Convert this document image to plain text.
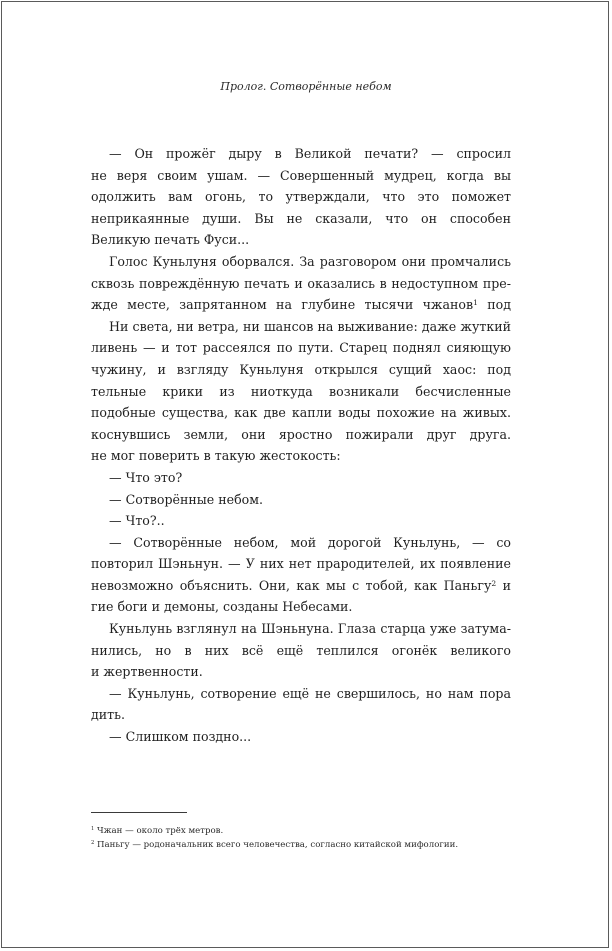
Пролог. Сотворённые небом
— Он прожёг дыру в Великой печати? — спросил
не веря своим ушам. — Совершенный мудрец, когда вы
одолжить вам огонь, то утверждали, что это поможет
неприкаянные души. Вы не сказали, что он способен
Великую печать Фуси...
Голос Куньлуня оборвался. За разговором они промчались
сквозь повреждённую печать и оказались в недоступном пре-
жде месте, запрятанном на глубине тысячи чжанов$^1$ под
Ни света, ни ветра, ни шансов на выживание: даже жуткий
ливень — и тот рассеялся по пути. Старец поднял сияющую
чужину, и взгляду Куньлуня открылся сущий хаос: под
тельные крики из ниоткуда возникали бесчисленные
подобные существа, как две капли воды похожие на живых.
коснувшись земли, они яростно пожирали друг друга.
не мог поверить в такую жестокость:
— Что это?
— Сотворённые небом.
— Что?..
— Сотворённые небом, мой дорогой Куньлунь, — со
повторил Шэньнун. — У них нет прародителей, их появление
невозможно объяснить. Они, как мы с тобой, как Паньгу$^2$ и
гие боги и демоны, созданы Небесами.
Куньлунь взглянул на Шэньнуна. Глаза старца уже затума-
нились, но в них всё ещё теплился огонёк великого
и жертвенности.
— Куньлунь, сотворение ещё не свершилось, но нам пора
дить.
— Слишком поздно...
$^1$ Чжан — около трёх метров.
$^2$ Паньгу — родоначальник всего человечества, согласно китайской мифологии.
